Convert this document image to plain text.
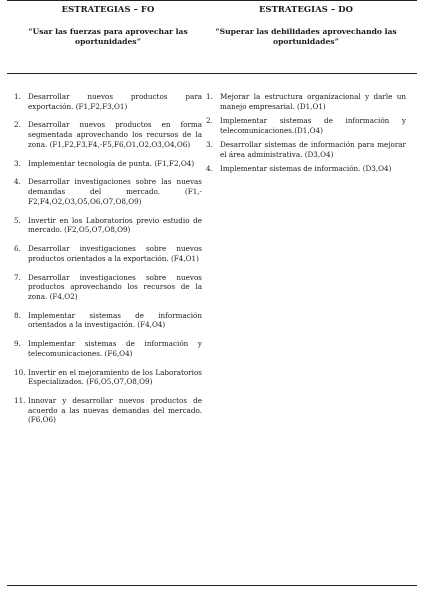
ESTRATEGIAS – FO
“Usar las fuerzas para aprovechar las oportunidades”
1. Desarrollar nuevos productos para exportación. (F1,F2,F3,O1)
2. Desarrollar nuevos productos en forma segmentada aprovechando los recursos de la zona. (F1,F2,F3,F4,-F5,F6,O1,O2,O3,O4,O6)
3. Implementar tecnología de punta. (F1,F2,O4)
4. Desarrollar investigaciones sobre las nuevas demandas del mercado. (F1,-F2,F4,O2,O3,O5,O6,O7,O8,O9)
5. Invertir en los Laboratorios previo estudio de mercado. (F2,O5,O7,O8,O9)
6. Desarrollar investigaciones sobre nuevos productos orientados a la exportación. (F4,O1)
7. Desarrollar investigaciones sobre nuevos productos aprovechando los recursos de la zona. (F4,O2)
8. Implementar sistemas de información orientados a la investigación. (F4,O4)
9. Implementar sistemas de información y telecomunicaciones. (F6,O4)
10. Invertir en el mejoramiento de los Laboratorios Especializados. (F6,O5,O7,O8,O9)
11. Innovar y desarrollar nuevos productos de acuerdo a las nuevas demandas del mercado. (F6,O6)
ESTRATEGIAS – DO
“Superar las debilidades aprovechando las oportunidades”
1. Mejorar la estructura organizacional y darle un manejo empresarial. (D1,O1)
2. Implementar sistemas de información y telecomunicaciones.(D1,O4)
3. Desarrollar sistemas de información para mejorar el área administrativa. (D3,O4)
4. Implementar sistemas de información. (D3,O4)
